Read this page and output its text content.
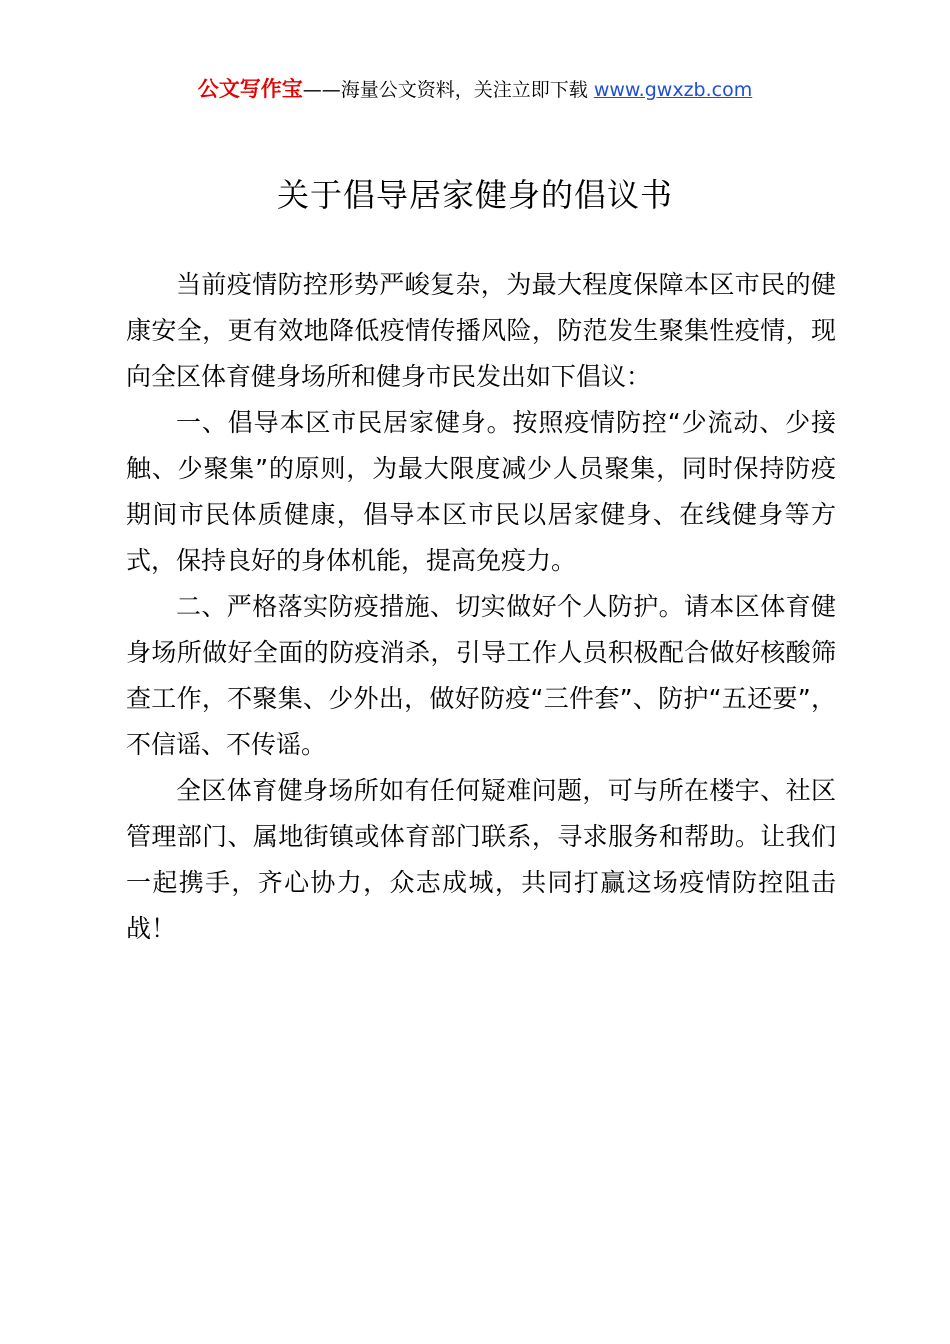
公文写作宝——海量公文资料，关注立即下载 www.gwxzb.com
关于倡导居家健身的倡议书

当前疫情防控形势严峻复杂，为最大程度保障本区市民的健康安全，更有效地降低疫情传播风险，防范发生聚集性疫情，现向全区体育健身场所和健身市民发出如下倡议：

一、倡导本区市民居家健身。按照疫情防控“少流动、少接触、少聚集”的原则，为最大限度减少人员聚集，同时保持防疫期间市民体质健康，倡导本区市民以居家健身、在线健身等方式，保持良好的身体机能，提高免疫力。

二、严格落实防疫措施、切实做好个人防护。请本区体育健身场所做好全面的防疫消杀，引导工作人员积极配合做好核酸筛查工作，不聚集、少外出，做好防疫“三件套”、防护“五还要”，不信谣、不传谣。

全区体育健身场所如有任何疑难问题，可与所在楼宇、社区管理部门、属地街镇或体育部门联系，寻求服务和帮助。让我们一起携手，齐心协力，众志成城，共同打赢这场疫情防控阻击战！
